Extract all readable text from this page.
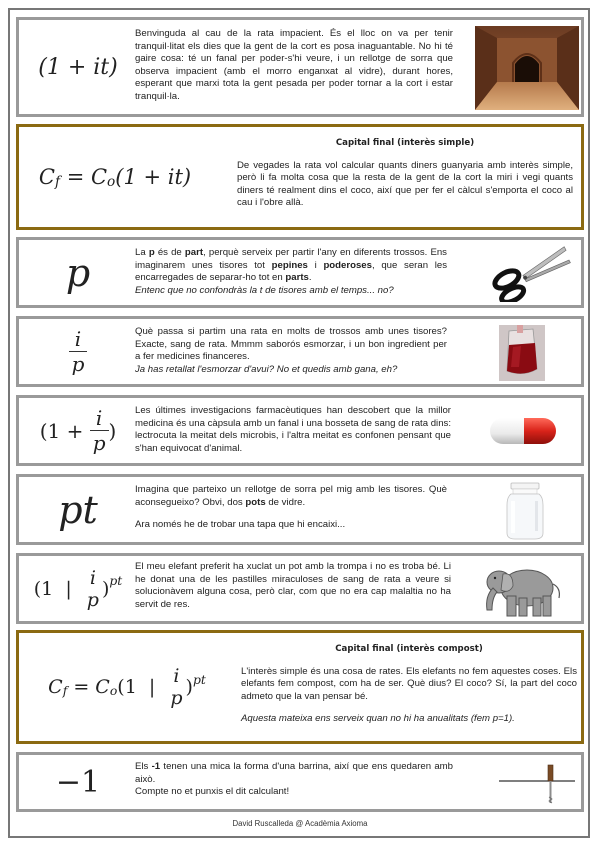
(1 + it)

Benvinguda al cau de la rata impacient. És el lloc on va per tenir tranquil·litat els dies que la gent de la cort es posa inaguantable. No hi té gaire cosa: té un fanal per poder-s'hi veure, i un rellotge de sorra que observa impacient (amb el morro enganxat al vidre), durant hores, esperant que marxi tota la gent pesada per poder tornar a la cort i estar tranquil·la.

C f = C o (1 + it)

Capital final (interès simple)

De vegades la rata vol calcular quants diners guanyaria amb interès simple, però li fa molta cosa que la resta de la gent de la cort la miri i vegi quants diners té realment dins el coco, així que per fer el càlcul s'emporta el coco al cau i l'obre allà.

p	La p és de part, perquè serveix per partir l'any en diferents trossos. Ens imaginarem unes tisores tot pepines i poderoses, que seran les encarregades de separar-ho tot en parts.

Entenc que no confondràs la t de tisores amb el temps... no?

$\frac{i}{p}$	Què passa si partim una rata en molts de trossos amb unes tisores? Exacte, sang de rata. Mmmm saborós esmorzar, i un bon ingredient per a fer medicines financeres.

Ja has retallat l'esmorzar d'avui? No et quedis amb gana, eh?

($1 + \frac{i}{p}$ )

Les últimes investigacions farmacèutiques han descobert que la millor medicina és una càpsula amb un fanal i una bosseta de sang de rata dins: lectrocuta la meitat dels microbis, i l'altra meitat es confonen pensant que s'han equivocat d'animal.

pt	Imagina que parteixo un rellotge de sorra pel mig amb les tisores. Què aconsegueixo? Obvi, dos pots de vidre.

Ara només he de trobar una tapa que hi encaixi...

(1  | i
p ) pt

El meu elefant preferit ha xuclat un pot amb la trompa i no es troba bé. Li he donat una de les pastilles miraculoses de sang de rata a veure si solucionàvem alguna cosa, però clar, com que no era cap malaltia no ha servit de res.

C f = C o (1  | i
p ) pt

Capital final (interès compost)

L'interès simple és una cosa de rates. Els elefants no fem aquestes coses. Els elefants fem compost, com ha de ser. Què dius? El coco? Sí, la part del coco admeto que la van pensar bé.

Aquesta mateixa ens serveix quan no hi ha anualitats (fem p=1).

−1	Els -1 tenen una mica la forma d'una barrina, així que ens quedaren amb això.

Compte no et punxis el dit calculant!

David Ruscalleda @ Acadèmia Axioma
